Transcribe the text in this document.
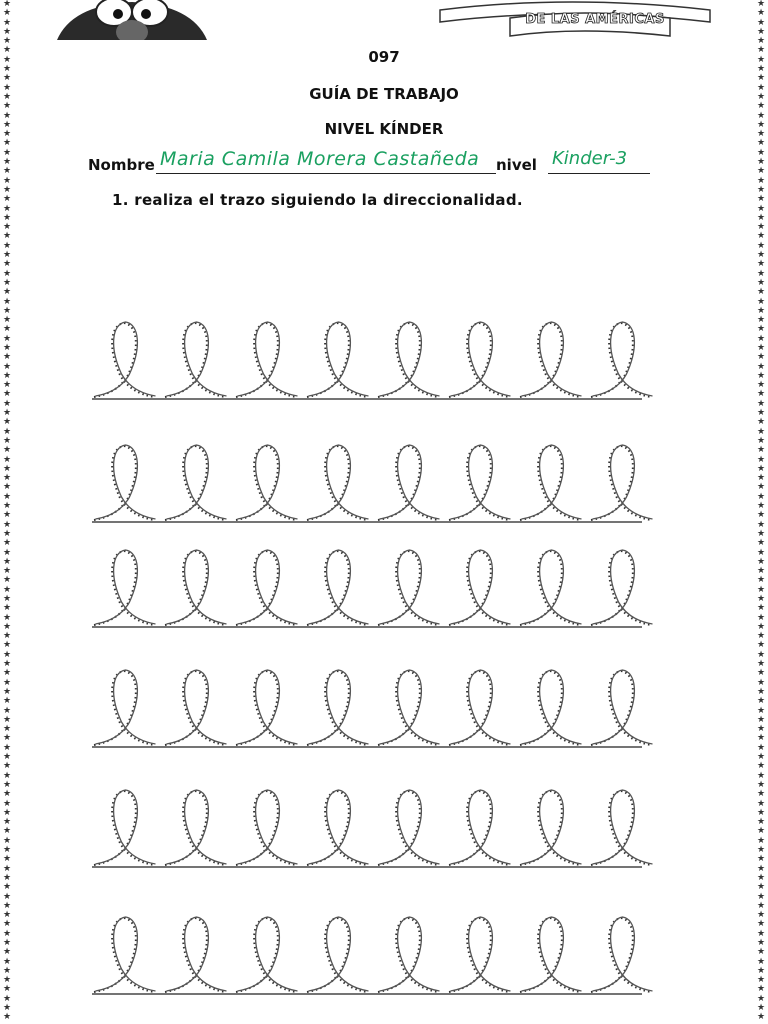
★
★
★
★
★
★
★
★
★
★
★
★
★
★
★
★
★
★
★
★
★
★
★
★
★
★
★
★
★
★
★
★
★
★
★
★
★
★
★
★
★
★
★
★
★
★
★
★
★
★
★
★
★
★
★
★
★
★
★
★
★
★
★
★
★
★
★
★
★
★
★
★
★
★
★
★
★
★
★
★
★
★
★
★
★
★
★
★
★
★
★
★
★
★
★
★
★
★
★
★
★
★
★
★
★
★
★
★
★
★
★
★
★
★
★
★
★
★
★
★
★
★
★
★
★
★
★
★
★
★
★
★
★
★
★
★
★
★
★
★
★
★
★
★
★
★
★
★
★
★
★
★
★
★
★
★
★
★
★
★
★
★
★
★
★
★
★
★
★
★
★
★
★
★
★
★
★
★
★
★
★
★
★
★
★
★
★
★
★
★
★
★
★
★
★
★
★
★
★
★
★
★
★
★
★
★
★
★
★
★
★
★
★
★
★
★
★
★
★
★
DE LAS AMÉRICAS
097
GUÍA DE TRABAJO
NIVEL KÍNDER
Nombre Maria Camila Morera Castañeda	nivel Kinder-3
1. realiza el trazo siguiendo la direccionalidad.
